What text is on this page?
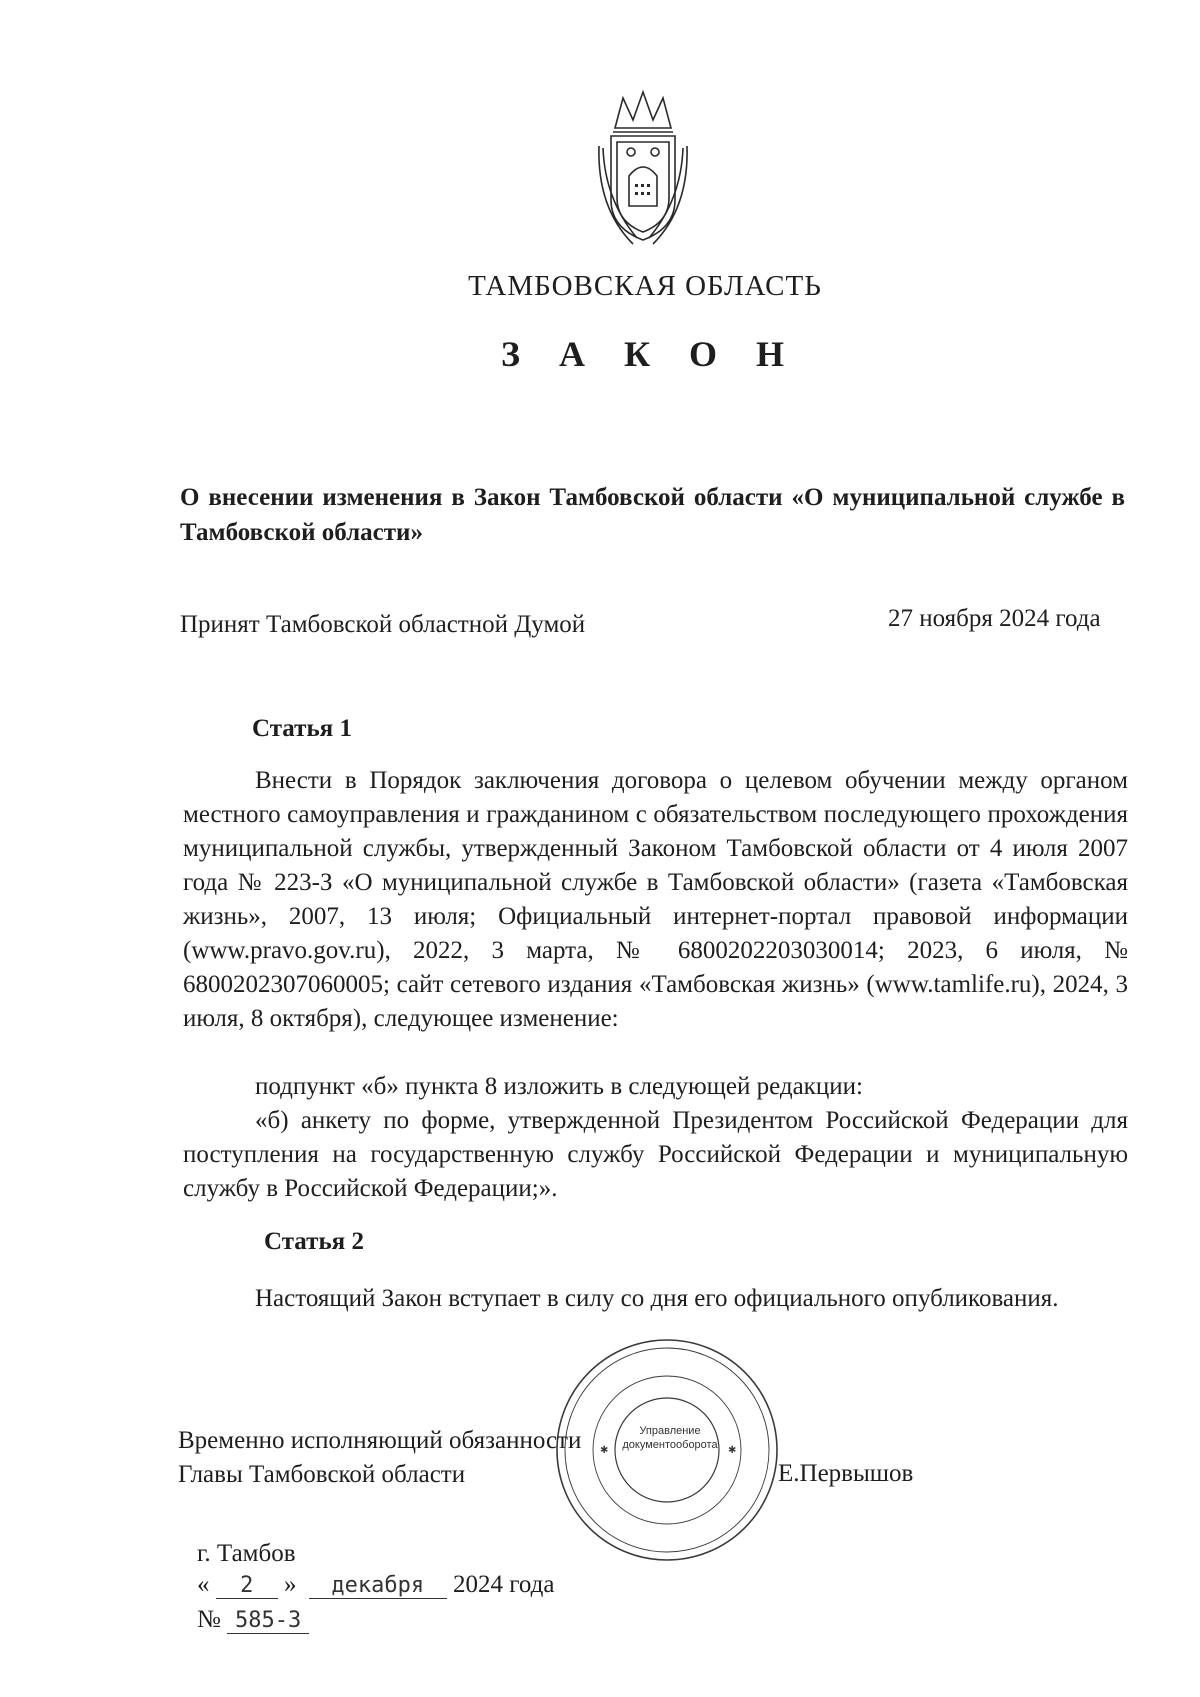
ТАМБОВСКАЯ ОБЛАСТЬ
З А К О Н
О внесении изменения в Закон Тамбовской области «О муниципальной службе в Тамбовской области»
Принят Тамбовской областной Думой	27 ноября 2024 года
Статья 1
Внести в Порядок заключения договора о целевом обучении между органом местного самоуправления и гражданином с обязательством последующего прохождения муниципальной службы, утвержденный Законом Тамбовской области от 4 июля 2007 года № 223-З «О муниципальной службе в Тамбовской области» (газета «Тамбовская жизнь», 2007, 13 июля; Официальный интернет-портал правовой информации (www.pravo.gov.ru), 2022, 3 марта, № 6800202203030014; 2023, 6 июля, № 6800202307060005; сайт сетевого издания «Тамбовская жизнь» (www.tamlife.ru), 2024, 3 июля, 8 октября), следующее изменение:
подпункт «б» пункта 8 изложить в следующей редакции:
«б) анкету по форме, утвержденной Президентом Российской Федерации для поступления на государственную службу Российской Федерации и муниципальную службу в Российской Федерации;».
Статья 2
Настоящий Закон вступает в силу со дня его официального опубликования.
✱	✱
Управление
документооборота
Временно исполняющий обязанности
Главы Тамбовской области	Е.Первышов
г. Тамбов
« 2 » декабря 2024 года
№ 585-З
